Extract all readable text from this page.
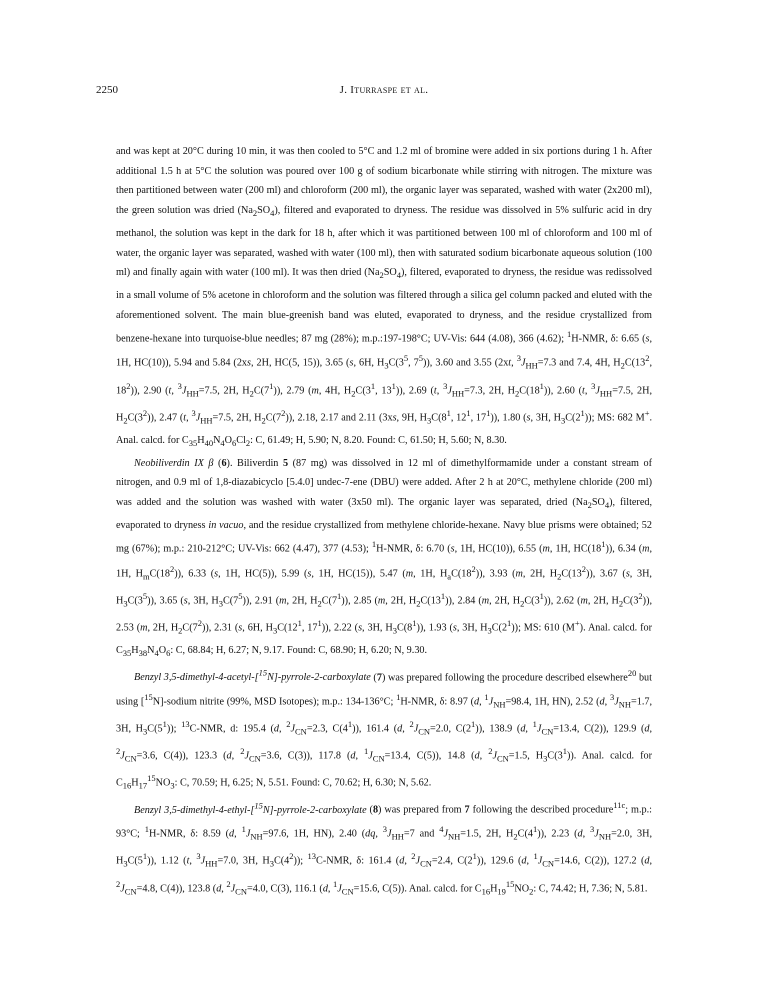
2250	J. Iturraspe et al.

and was kept at 20°C during 10 min, it was then cooled to 5°C and 1.2 ml of bromine were added in six portions during 1 h. After additional 1.5 h at 5°C the solution was poured over 100 g of sodium bicarbonate while stirring with nitrogen. The mixture was then partitioned between water (200 ml) and chloroform (200 ml), the organic layer was separated, washed with water (2x200 ml), the green solution was dried $(Na_2SO_4)$, filtered and evaporated to dryness. The residue was dissolved in 5% sulfuric acid in dry methanol, the solution was kept in the dark for 18 h, after which it was partitioned between 100 ml of chloroform and 100 ml of water, the organic layer was separated, washed with water (100 ml), then with saturated sodium bicarbonate aqueous solution (100 ml) and finally again with water (100 ml). It was then dried $(Na_2SO_4)$, filtered, evaporated to dryness, the residue was redissolved in a small volume of 5% acetone in chloroform and the solution was filtered through a silica gel column packed and eluted with the aforementioned solvent. The main blue-greenish band was eluted, evaporated to dryness, and the residue crystallized from benzene-hexane into turquoise-blue needles; 87 mg (28%); m.p.:197-198°C; UV-Vis: 644 (4.08), 366 (4.62); $^1$H-NMR, δ: 6.65 (s, 1H, HC(10)), 5.94 and 5.84 (2xs, 2H, HC(5, 15)), 3.65 (s, 6H, $H_3C(3^5$, $7^5$)), 3.60 and 3.55 (2xt, $^3J_{HH}=7.3$ and 7.4, 4H, $H_2C(13^2$, $18^2$)), 2.90 (t, $^3J_{HH}=7.5$, 2H, $H_2C(7^1)$), 2.79 (m, 4H, $H_2C(3^1$, $13^1$)), 2.69 (t, $^3J_{HH}=7.3$, 2H, $H_2C(18^1)$), 2.60 (t, $^3J_{HH}=7.5$, 2H, $H_2C(3^2)$), 2.47 (t, $^3J_{HH}=7.5$, 2H, $H_2C(7^2)$), 2.18, 2.17 and 2.11 (3xs, 9H, $H_3C(8^1$, $12^1$, $17^1$)), 1.80 (s, 3H, $H_3C(2^1)$); MS: 682 M+. Anal. calcd. for $C_{35}H_{40}N_4O_6Cl_2$: C, 61.49; H, 5.90; N, 8.20. Found: C, 61.50; H, 5.60; N, 8.30.

Neobiliverdin IX β (6). Biliverdin 5 (87 mg) was dissolved in 12 ml of dimethylformamide under a constant stream of nitrogen, and 0.9 ml of 1,8-diazabicyclo [5.4.0] undec-7-ene (DBU) were added. After 2 h at 20°C, methylene chloride (200 ml) was added and the solution was washed with water (3x50 ml). The organic layer was separated, dried $(Na_2SO_4)$, filtered, evaporated to dryness in vacuo, and the residue crystallized from methylene chloride-hexane. Navy blue prisms were obtained; 52 mg (67%); m.p.: 210-212°C; UV-Vis: 662 (4.47), 377 (4.53); $^1$H-NMR, δ: 6.70 (s, 1H, HC(10)), 6.55 (m, 1H, $HC(18^1)$), 6.34 (m, 1H, $H_mC(18^2)$), 6.33 (s, 1H, HC(5)), 5.99 (s, 1H, HC(15)), 5.47 (m, 1H, $H_aC(18^2)$), 3.93 (m, 2H, $H_2C(13^2)$), 3.67 (s, 3H, $H_3C(3^5)$), 3.65 (s, 3H, $H_3C(7^5)$), 2.91 (m, 2H, $H_2C(7^1)$), 2.85 (m, 2H, $H_2C(13^1)$), 2.84 (m, 2H, $H_2C(3^1)$), 2.62 (m, 2H, $H_2C(3^2)$), 2.53 (m, 2H, $H_2C(7^2)$), 2.31 (s, 6H, $H_3C(12^1$, $17^1$)), 2.22 (s, 3H, $H_3C(8^1)$), 1.93 (s, 3H, $H_3C(2^1)$); MS: 610 (M+). Anal. calcd. for $C_{35}H_{38}N_4O_6$: C, 68.84; H, 6.27; N, 9.17. Found: C, 68.90; H, 6.20; N, 9.30.

Benzyl 3,5-dimethyl-4-acetyl-[$^{15}$N]-pyrrole-2-carboxylate (7) was prepared following the procedure described elsewhere$^{20}$ but using [$^{15}$N]-sodium nitrite (99%, MSD Isotopes); m.p.: 134-136°C; $^1$H-NMR, δ: 8.97 (d, $^1J_{NH}=98.4$, 1H, HN), 2.52 (d, $^3J_{NH}=1.7$, 3H, $H_3C(5^1)$); $^{13}$C-NMR, d: 195.4 (d, $^2J_{CN}=2.3$, $C(4^1)$), 161.4 (d, $^2J_{CN}=2.0$, $C(2^1)$), 138.9 (d, $^1J_{CN}=13.4$, C(2)), 129.9 (d, $^2J_{CN}=3.6$, C(4)), 123.3 (d, $^2J_{CN}=3.6$, C(3)), 117.8 (d, $^1J_{CN}=13.4$, C(5)), 14.8 (d, $^2J_{CN}=1.5$, $H_3C(3^1)$). Anal. calcd. for $C_{16}H_{17}^{15}NO_3$: C, 70.59; H, 6.25; N, 5.51. Found: C, 70.62; H, 6.30; N, 5.62.

Benzyl 3,5-dimethyl-4-ethyl-[$^{15}$N]-pyrrole-2-carboxylate (8) was prepared from 7 following the described procedure$^{11c}$; m.p.: 93°C; $^1$H-NMR, δ: 8.59 (d, $^1J_{NH}=97.6$, 1H, HN), 2.40 (dq, $^3J_{HH}=7$ and $^4J_{NH}=1.5$, 2H, $H_2C(4^1)$), 2.23 (d, $^3J_{NH}=2.0$, 3H, $H_3C(5^1)$), 1.12 (t, $^3J_{HH}=7.0$, 3H, $H_3C(4^2)$); $^{13}$C-NMR, δ: 161.4 (d, $^2J_{CN}=2.4$, $C(2^1)$), 129.6 (d, $^1J_{CN}=14.6$, C(2)), 127.2 (d, $^2J_{CN}=4.8$, C(4)), 123.8 (d, $^2J_{CN}=4.0$, C(3), 116.1 (d, $^1J_{CN}=15.6$, C(5)). Anal. calcd. for $C_{16}H_{19}^{15}NO_2$: C, 74.42; H, 7.36; N, 5.81.
